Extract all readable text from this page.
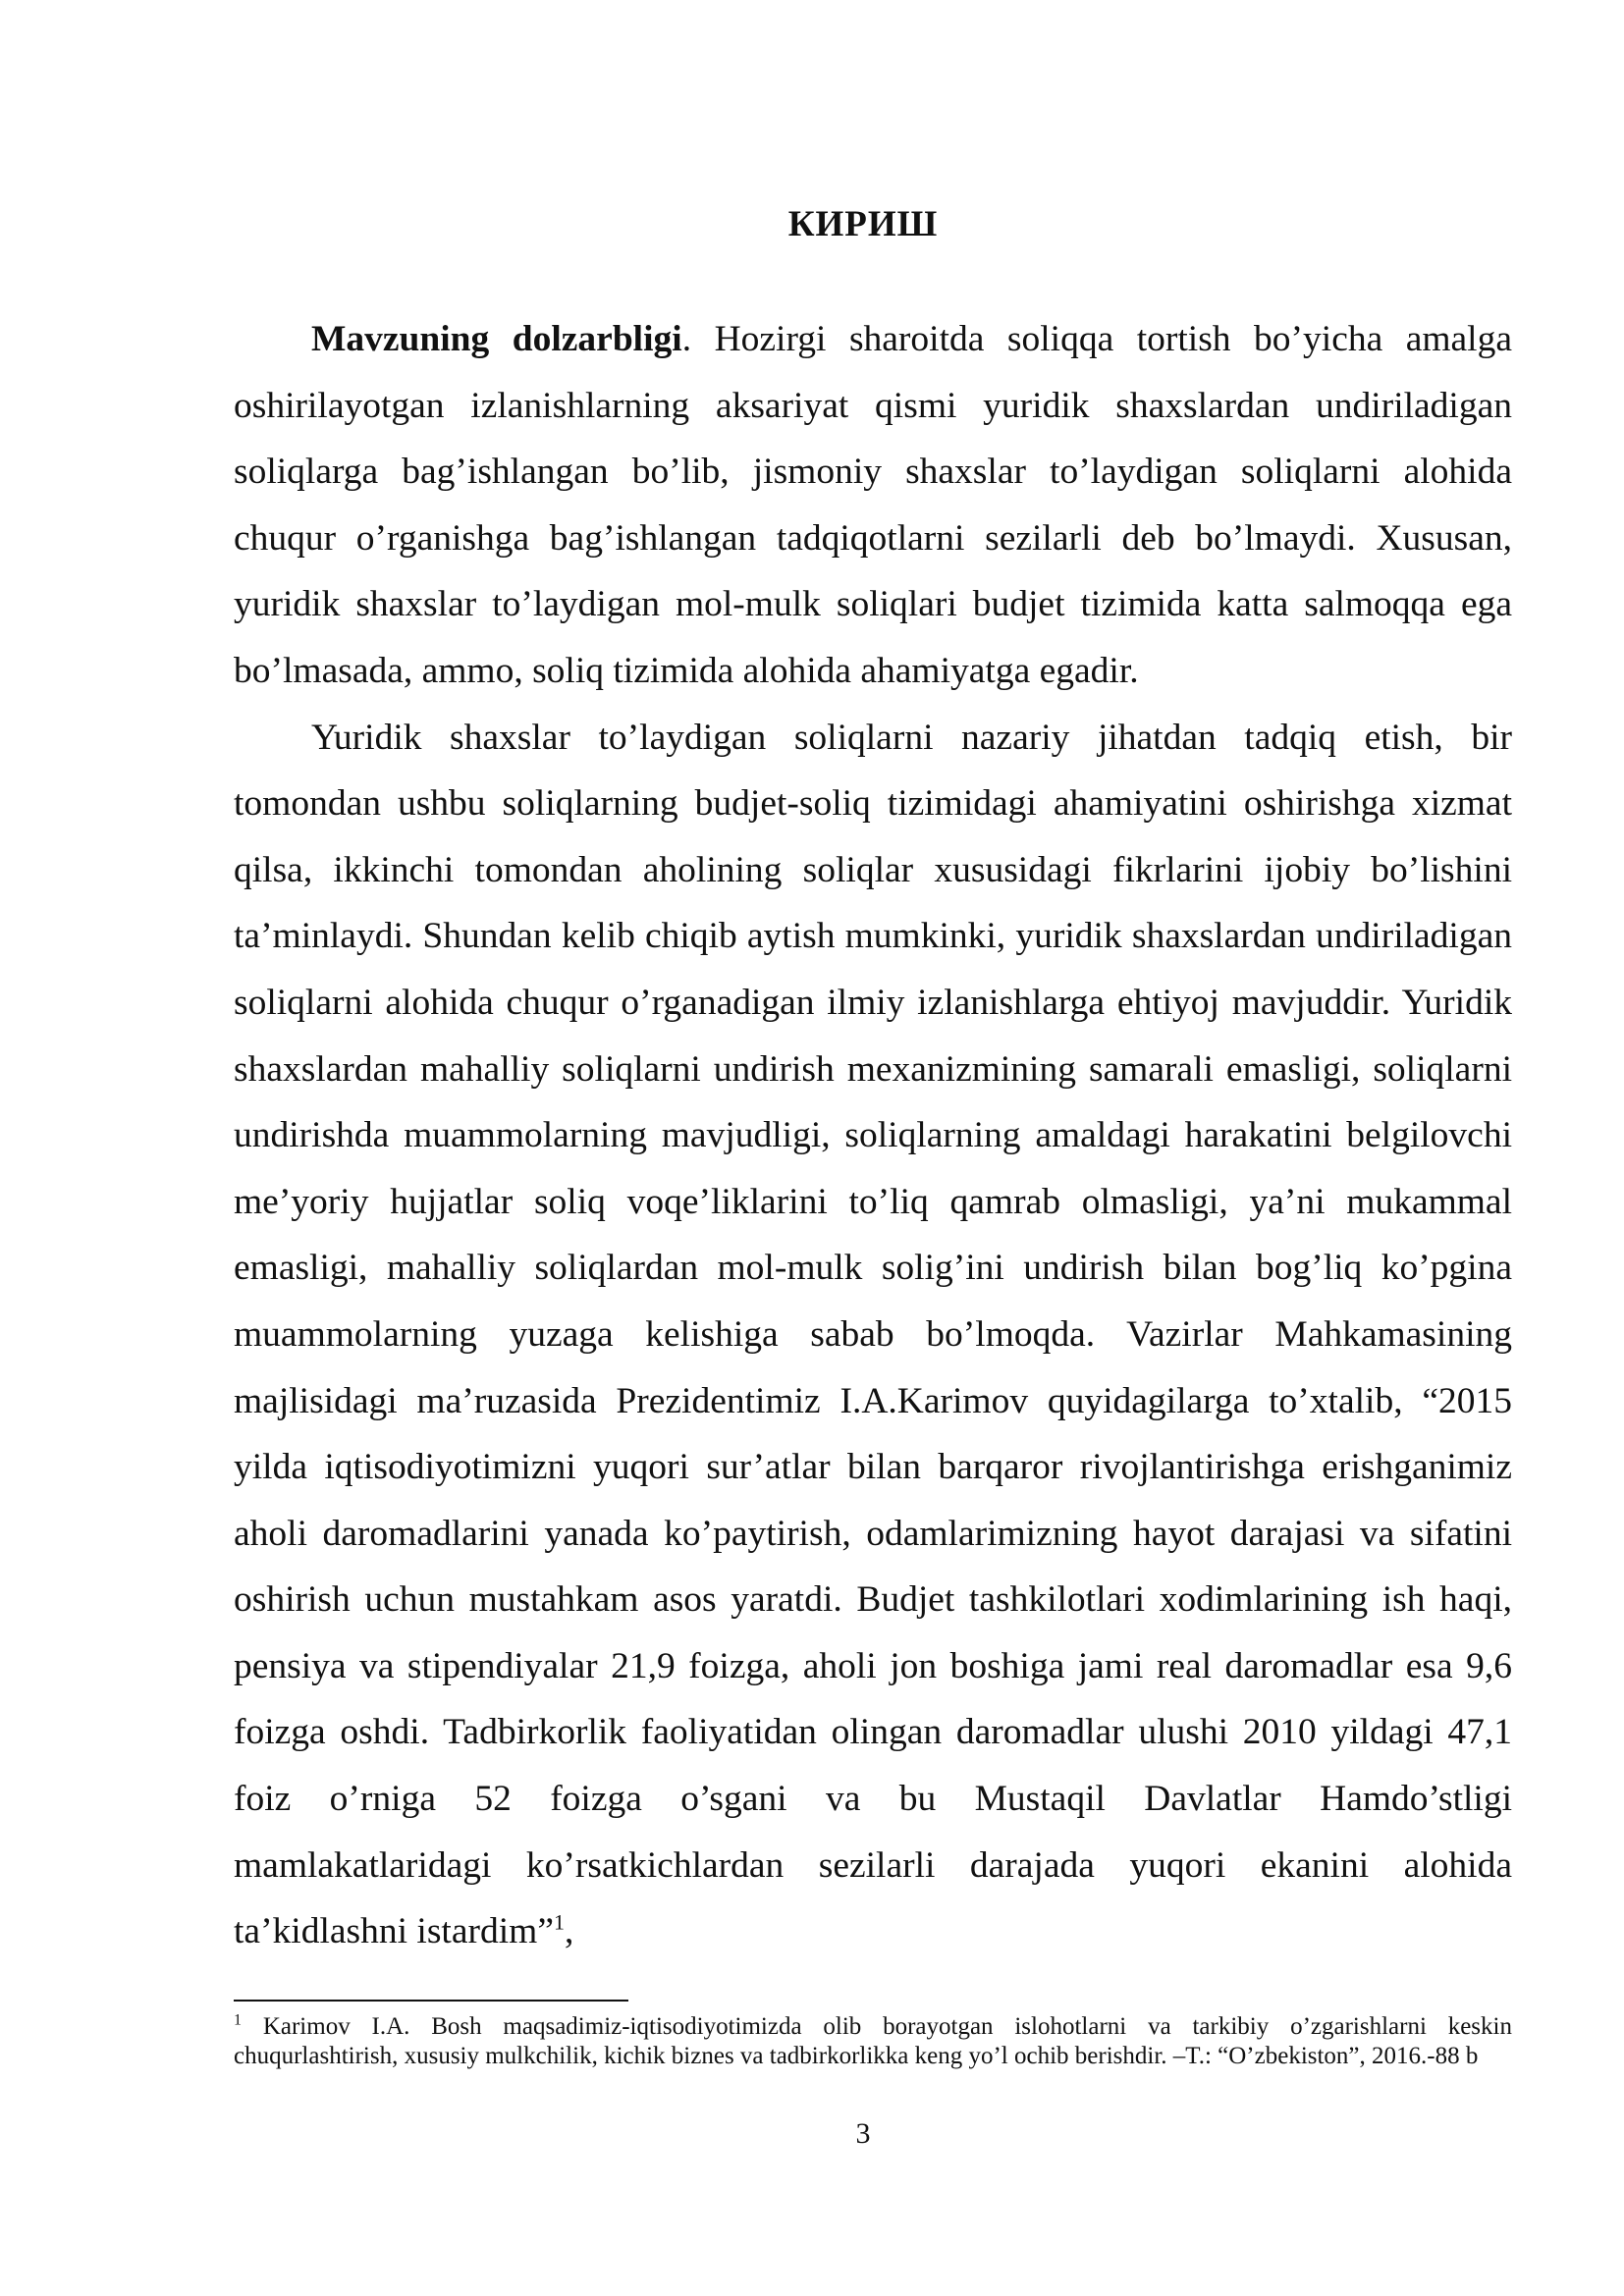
КИРИШ

Mavzuning dolzarbligi. Hozirgi sharoitda soliqqa tortish bo’yicha amalga oshirilayotgan izlanishlarning aksariyat qismi yuridik shaxslardan undiriladigan soliqlarga bag’ishlangan bo’lib, jismoniy shaxslar to’laydigan soliqlarni alohida chuqur o’rganishga bag’ishlangan tadqiqotlarni sezilarli deb bo’lmaydi. Xususan, yuridik shaxslar to’laydigan mol-mulk soliqlari budjet tizimida katta salmoqqa ega bo’lmasada, ammo, soliq tizimida alohida ahamiyatga egadir.

Yuridik shaxslar to’laydigan soliqlarni nazariy jihatdan tadqiq etish, bir tomondan ushbu soliqlarning budjet-soliq tizimidagi ahamiyatini oshirishga xizmat qilsa, ikkinchi tomondan aholining soliqlar xususidagi fikrlarini ijobiy bo’lishini ta’minlaydi. Shundan kelib chiqib aytish mumkinki, yuridik shaxslardan undiriladigan soliqlarni alohida chuqur o’rganadigan ilmiy izlanishlarga ehtiyoj mavjuddir. Yuridik shaxslardan mahalliy soliqlarni undirish mexanizmining samarali emasligi, soliqlarni undirishda muammolarning mavjudligi, soliqlarning amaldagi harakatini belgilovchi me’yoriy hujjatlar soliq voqe’liklarini to’liq qamrab olmasligi, ya’ni mukammal emasligi, mahalliy soliqlardan mol-mulk solig’ini undirish bilan bog’liq ko’pgina muammolarning yuzaga kelishiga sabab bo’lmoqda. Vazirlar Mahkamasining majlisidagi ma’ruzasida Prezidentimiz I.A.Karimov quyidagilarga to’xtalib, “2015 yilda iqtisodiyotimizni yuqori sur’atlar bilan barqaror rivojlantirishga erishganimiz aholi daromadlarini yanada ko’paytirish, odamlarimizning hayot darajasi va sifatini oshirish uchun mustahkam asos yaratdi. Budjet tashkilotlari xodimlarining ish haqi, pensiya va stipendiyalar 21,9 foizga, aholi jon boshiga jami real daromadlar esa 9,6 foizga oshdi. Tadbirkorlik faoliyatidan olingan daromadlar ulushi 2010 yildagi 47,1 foiz o’rniga 52 foizga o’sgani va bu Mustaqil Davlatlar Hamdo’stligi mamlakatlaridagi ko’rsatkichlardan sezilarli darajada yuqori ekanini alohida ta’kidlashni istardim”$^1$,

$^1$ Karimov I.A. Bosh maqsadimiz-iqtisodiyotimizda olib borayotgan islohotlarni va tarkibiy o’zgarishlarni keskin chuqurlashtirish, xususiy mulkchilik, kichik biznes va tadbirkorlikka keng yo’l ochib berishdir. –T.: “O’zbekiston”, 2016.-88 b
3
